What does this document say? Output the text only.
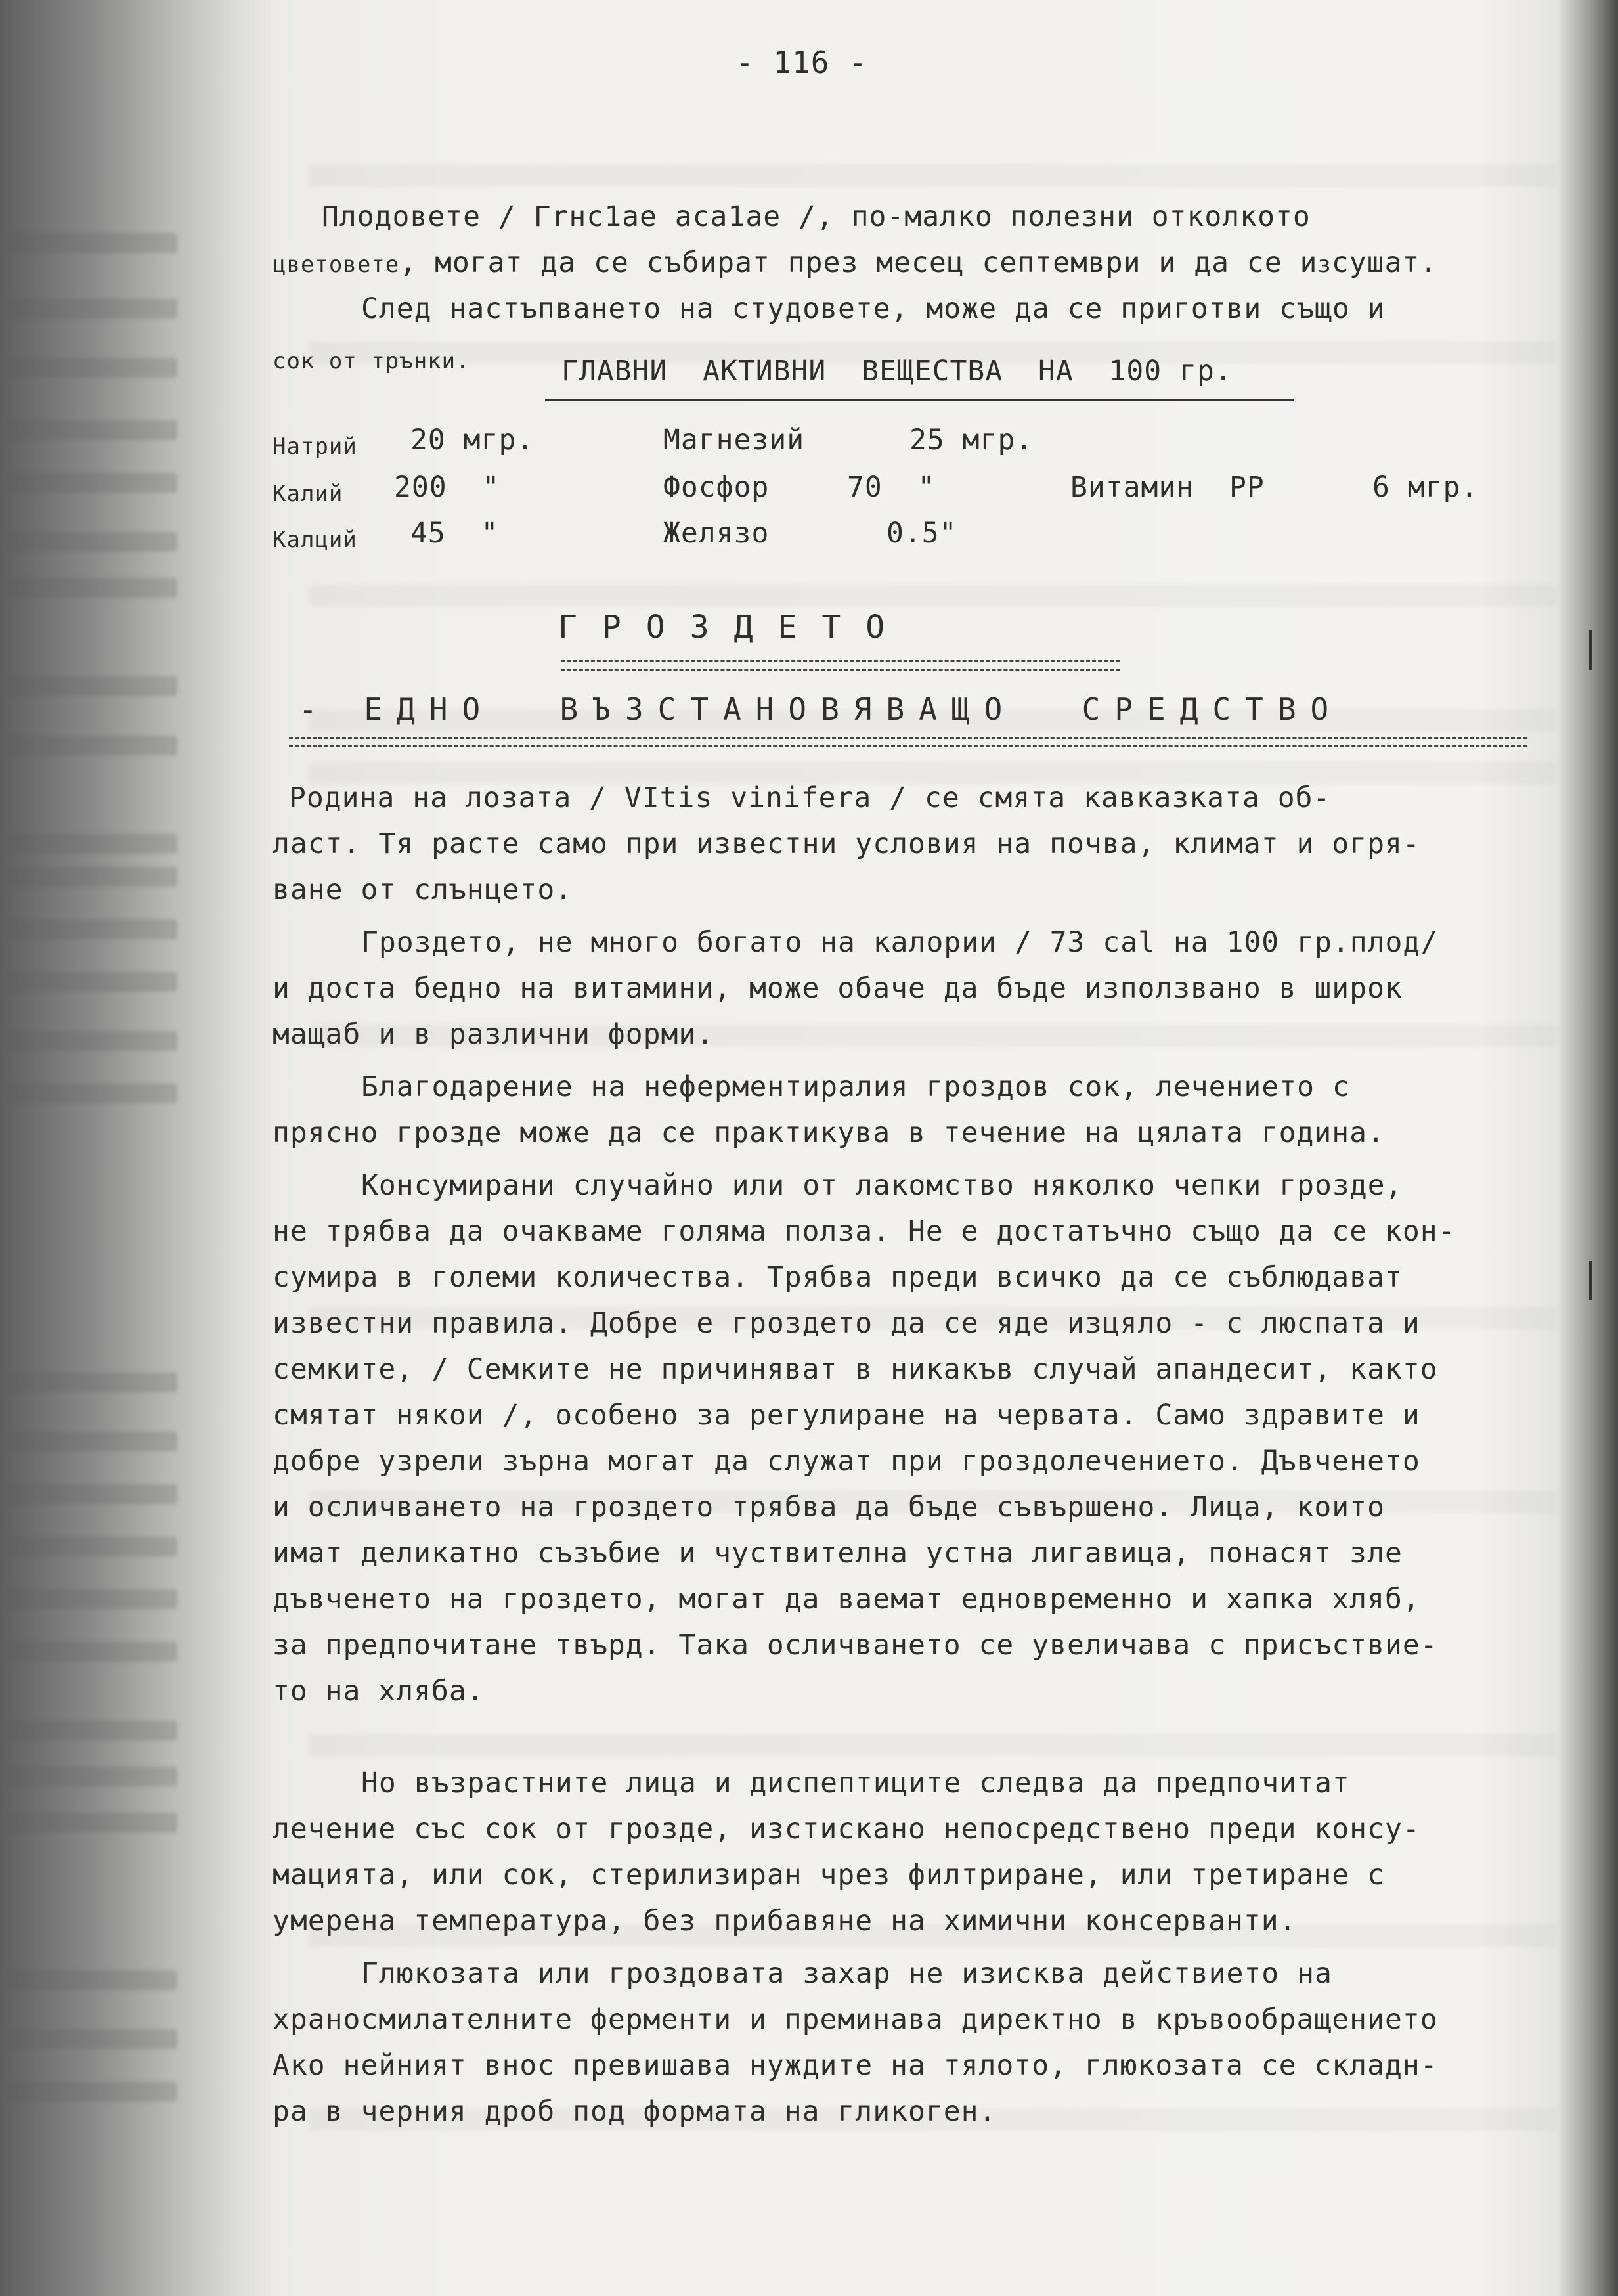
- 116 -
Плодовете / Гrнс1ае aса1ае /, по-малко полезни отколкото
цветовете, могат да се събират през месец септември и да се изсушат.
След настъпването на студовете, може да се приготви също и
сок от трънки.	ГЛАВНИ  АКТИВНИ  ВЕЩЕСТВА  НА  100 гр.
Натрий 20 мгр.	Магнезий	25 мгр.
Калий 200  "	Фосфор	70  "	Витамин  РР	6 мгр.
Калций 45  "	Желязо	0.5"
ГРОЗДЕТО
- ЕДНО  ВЪЗСТАНОВЯВАЩО  СРЕДСТВО
Родина на лозата / VItis vinifera / се смята кавказката об-
ласт. Тя расте само при известни условия на почва, климат и огря-
ване от слънцето.
Гроздето, не много богато на калории / 73 cal на 100 гр.плод/
и доста бедно на витамини, може обаче да бъде използвано в широк
мащаб и в различни форми.
Благодарение на неферментиралия гроздов сок, лечението с
прясно грозде може да се практикува в течение на цялата година.
Консумирани случайно или от лакомство няколко чепки грозде,
не трябва да очакваме голяма полза. Не е достатъчно също да се кон-
сумира в големи количества. Трябва преди всичко да се съблюдават
известни правила. Добре е гроздето да се яде изцяло - с люспата и
семките, / Семките не причиняват в никакъв случай апандесит, както
смятат някои /, особено за регулиране на червата. Само здравите и
добре узрели зърна могат да служат при гроздолечението. Дъвченето
и осличването на гроздето трябва да бъде съвършено. Лица, които
имат деликатно съзъбие и чуствителна устна лигавица, понасят зле
дъвченето на гроздето, могат да ваемат едновременно и хапка хляб,
за предпочитане твърд. Така осличването се увеличава с присъствие-
то на хляба.
Но възрастните лица и диспептиците следва да предпочитат
лечение със сок от грозде, изстискано непосредствено преди консу-
мацията, или сок, стерилизиран чрез филтриране, или третиране с
умерена температура, без прибавяне на химични консерванти.
Глюкозата или гроздовата захар не изисква действието на
храносмилателните ферменти и преминава директно в кръвообращението
Ако нейният внос превишава нуждите на тялото, глюкозата се складн-
ра в черния дроб под формата на гликоген.
